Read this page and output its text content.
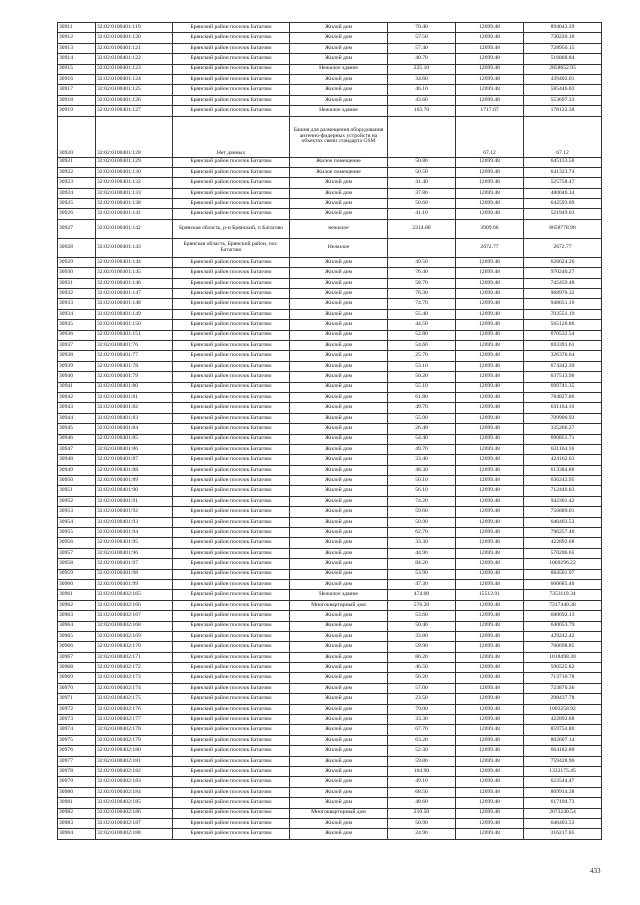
30911	32:02:0100401:119	Брянский район поселок Батагово	Жилой дом	70.40	12699.48	894043.39
30912	32:02:0100401:120	Брянский район поселок Батагово	Жилой дом	57.50	12699.48	730220.10
30913	32:02:0100401:121	Брянский район поселок Батагово	Жилой дом	57.40	12699.48	728950.15
30914	32:02:0100401:122	Брянский район поселок Батагово	Жилой дом	40.70	12699.48	516868.84
30915	32:02:0100401:123	Брянский район поселок Батагово	Нежилое здание	225.10	12699.48	2858652.95
30916	32:02:0100401:124	Брянский район поселок Батагово	Жилой дом	34.60	12699.48	439402.01
30917	32:02:0100401:125	Брянский район поселок Батагово	Жилой дом	46.10	12699.48	585446.03
30918	32:02:0100401:126	Брянский район поселок Батагово	Жилой дом	43.60	12699.48	553697.33
30919	32:02:0100401:127	Брянский район поселок Батагово	Нежилое здание	103.70	1717.67	178122.38
30920	32:02:0100401:128	Нет данных	Башня для размещения оборудования антенно-фидерных устройств на объектах связи стандарта GSM		67.12	67.12
30921	32:02:0100401:129	Брянский район поселок Батагово	Жилое помещение	50.80	12699.48	645133.58
30922	32:02:0100401:130	Брянский район поселок Батагово	Жилое помещение	50.50	12699.48	641323.74
30923	32:02:0100401:132	Брянский район поселок Батагово	Жилой дом	41.40	12699.48	525758.47
30924	32:02:0100401:133	Брянский район поселок Батагово	Жилой дом	37.80	12699.48	480040.34
30925	32:02:0100401:138	Брянский район поселок Батагово	Жилой дом	50.60	12699.48	642593.69
30926	32:02:0100401:141	Брянский район поселок Батагово	Жилой дом	41.10	12699.48	521949.63
30927	32:02:0100401:142	Брянская область, р-н Брянский, п Батагово	нежилое	2214.80	3909.66	8658778.98
30928	32:02:0100401:143	Брянская область, Брянский район, пос. Батагово	Нежилое		2672.77	2672.77
30929	32:02:0100401:144	Брянский район поселок Батагово	Жилой дом	49.50	12699.48	628624.26
30930	32:02:0100401:145	Брянский район поселок Батагово	Жилой дом	76.40	12699.48	970240.27
30931	32:02:0100401:146	Брянский район поселок Батагово	Жилой дом	58.70	12699.48	745459.48
30932	32:02:0100401:147	Брянский район поселок Батагово	Жилой дом	76.30	12699.48	968970.32
30933	32:02:0100401:148	Брянский район поселок Батагово	Жилой дом	74.70	12699.48	948651.16
30934	32:02:0100401:149	Брянский район поселок Батагово	Жилой дом	55.40	12699.48	703551.19
30935	32:02:0100401:150	Брянский район поселок Батагово	Жилой дом	44.50	12699.48	565126.86
30936	32:02:0100401:151	Брянский район поселок Батагово	Жилой дом	52.80	12699.48	670532.54
30937	32:02:0100401:76	Брянский район поселок Батагово	Жилой дом	54.60	12699.48	693391.61
30938	32:02:0100401:77	Брянский район поселок Батагово	Жилой дом	25.70	12699.48	326376.64
30939	32:02:0100401:78	Брянский район поселок Батагово	Жилой дом	53.10	12699.48	674342.39
30940	32:02:0100401:79	Брянский район поселок Батагово	Жилой дом	50.20	12699.48	637513.90
30941	32:02:0100401:80	Брянский район поселок Батагово	Жилой дом	55.10	12699.48	699741.35
30942	32:02:0100401:81	Брянский район поселок Батагово	Жилой дом	61.80	12699.48	784827.86
30943	32:02:0100401:82	Брянский район поселок Батагово	Жилой дом	49.70	12699.48	631164.16
30944	32:02:0100401:83	Брянский район поселок Батагово	Жилой дом	55.90	12699.48	709900.93
30945	32:02:0100401:84	Брянский район поселок Батагово	Жилой дом	26.40	12699.48	335266.27
30946	32:02:0100401:85	Брянский район поселок Батагово	Жилой дом	54.40	12699.48	690851.71
30947	32:02:0100401:86	Брянский район поселок Батагово	Жилой дом	49.70	12699.48	631164.16
30948	32:02:0100401:87	Брянский район поселок Батагово	Жилой дом	33.40	12699.48	424162.63
30949	32:02:0100401:88	Брянский район поселок Батагово	Жилой дом	48.30	12699.48	613384.88
30950	32:02:0100401:89	Брянский район поселок Батагово	Жилой дом	50.10	12699.48	636243.95
30951	32:02:0100401:90	Брянский район поселок Батагово	Жилой дом	56.10	12699.48	712440.83
30952	32:02:0100401:91	Брянский район поселок Батагово	Жилой дом	74.20	12699.48	942301.42
30953	32:02:0100401:92	Брянский район поселок Батагово	Жилой дом	59.60	12699.48	756889.01
30954	32:02:0100401:93	Брянский район поселок Батагово	Жилой дом	50.90	12699.48	646403.53
30955	32:02:0100401:94	Брянский район поселок Батагово	Жилой дом	62.70	12699.48	796257.40
30956	32:02:0100401:95	Брянский район поселок Батагово	Жилой дом	33.30	12699.48	422892.68
30957	32:02:0100401:96	Брянский район поселок Батагово	Жилой дом	44.90	12699.48	570206.65
30958	32:02:0100401:97	Брянский район поселок Батагово	Жилой дом	84.20	12699.48	1069296.22
30959	32:02:0100401:98	Брянский район поселок Батагово	Жилой дом	53.90	12699.48	684501.97
30960	32:02:0100401:99	Брянский район поселок Батагово	Жилой дом	47.30	12699.48	600685.40
30961	32:02:0100402:165	Брянский район поселок Батагово	Нежилое здание	474.00	15512.91	7353119.34
30962	32:02:0100402:166	Брянский район поселок Батагово	Многоквартирный дом	576.20	12699.48	7317440.38
30963	32:02:0100402:167	Брянский район поселок Батагово	Жилой дом	53.60	12699.48	680692.13
30964	32:02:0100402:168	Брянский район поселок Батагово	Жилой дом	50.40	12699.48	640053.79
30965	32:02:0100402:169	Брянский район поселок Батагово	Жилой дом	33.80	12699.48	429242.42
30966	32:02:0100402:170	Брянский район поселок Батагово	Жилой дом	59.90	12699.48	760698.85
30967	32:02:0100402:171	Брянский район поселок Батагово	Жилой дом	80.20	12699.48	1018498.30
30968	32:02:0100402:172	Брянский район поселок Батагово	Жилой дом	46.50	12699.48	590525.82
30969	32:02:0100402:173	Брянский район поселок Батагово	Жилой дом	56.20	12699.48	713710.78
30970	32:02:0100402:174	Брянский район поселок Батагово	Жилой дом	57.00	12699.48	723870.36
30971	32:02:0100402:175	Брянский район поселок Батагово	Жилой дом	23.50	12699.48	298437.78
30972	32:02:0100402:176	Брянский район поселок Батагово	Жилой дом	79.00	12699.48	1003258.92
30973	32:02:0100402:177	Брянский район поселок Батагово	Жилой дом	33.30	12699.48	422892.68
30974	32:02:0100402:178	Брянский район поселок Батагово	Жилой дом	67.70	12699.48	859754.80
30975	32:02:0100402:179	Брянский район поселок Батагово	Жилой дом	63.20	12699.48	802607.14
30976	32:02:0100402:180	Брянский район поселок Батагово	Жилой дом	52.30	12699.48	664182.80
30977	32:02:0100402:181	Брянский район поселок Батагово	Жилой дом	59.80	12699.48	759428.90
30978	32:02:0100402:182	Брянский район поселок Батагово	Жилой дом	104.90	12699.48	1332175.45
30979	32:02:0100402:183	Брянский район поселок Батагово	Жилой дом	49.10	12699.48	623544.47
30980	32:02:0100402:184	Брянский район поселок Батагово	Жилой дом	68.50	12699.48	869914.38
30981	32:02:0100402:185	Брянский район поселок Батагово	Жилой дом	48.60	12699.48	617194.73
30982	32:02:0100402:186	Брянский район поселок Батагово	Многоквартирный дом	210.50	12699.48	2673240.54
30983	32:02:0100402:187	Брянский район поселок Батагово	Жилой дом	50.90	12699.48	646403.53
30984	32:02:0100402:188	Брянский район поселок Батагово	Жилой дом	24.90	12699.48	316217.05
433
